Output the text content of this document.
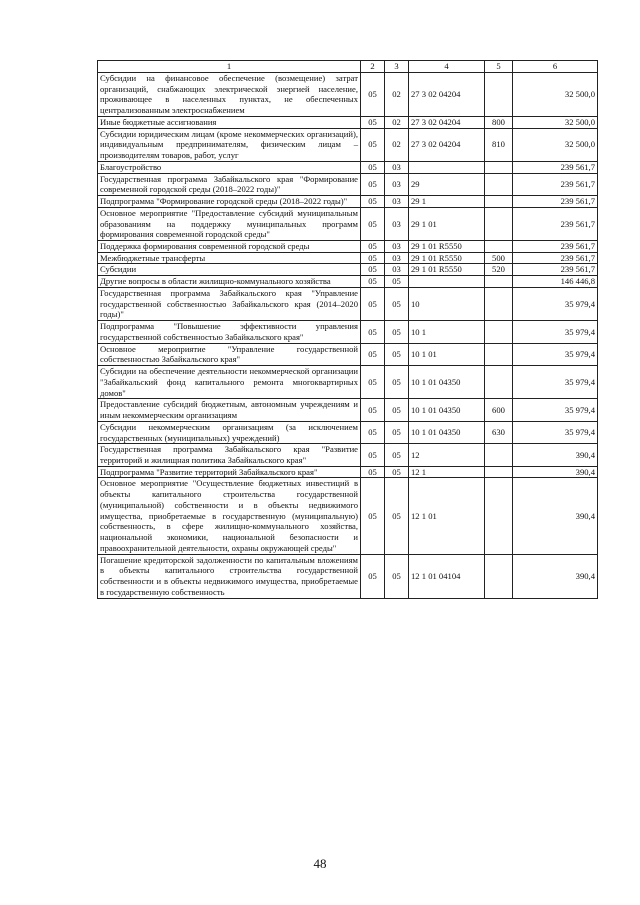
1	2	3	4	5	6
Субсидии на финансовое обеспечение (возмещение) затрат организаций, снабжающих электрической энергией население, проживающее в населенных пунктах, не обеспеченных централизованным электроснабжением	05	02	27 3 02 04204		32 500,0
Иные бюджетные ассигнования	05	02	27 3 02 04204	800	32 500,0
Субсидии юридическим лицам (кроме некоммерческих организаций), индивидуальным предпринимателям, физическим лицам – производителям товаров, работ, услуг	05	02	27 3 02 04204	810	32 500,0
Благоустройство	05	03			239 561,7
Государственная программа Забайкальского края "Формирование современной городской среды (2018–2022 годы)"	05	03	29		239 561,7
Подпрограмма "Формирование городской среды (2018–2022 годы)"	05	03	29 1		239 561,7
Основное мероприятие "Предоставление субсидий муниципальным образованиям на поддержку муниципальных программ формирования современной городской среды"	05	03	29 1 01		239 561,7
Поддержка формирования современной городской среды	05	03	29 1 01 R5550		239 561,7
Межбюджетные трансферты	05	03	29 1 01 R5550	500	239 561,7
Субсидии	05	03	29 1 01 R5550	520	239 561,7
Другие вопросы в области жилищно-коммунального хозяйства	05	05			146 446,8
Государственная программа Забайкальского края "Управление государственной собственностью Забайкальского края (2014–2020 годы)"	05	05	10		35 979,4
Подпрограмма "Повышение эффективности управления государственной собственностью Забайкальского края"	05	05	10 1		35 979,4
Основное мероприятие "Управление государственной собственностью Забайкальского края"	05	05	10 1 01		35 979,4
Субсидии на обеспечение деятельности некоммерческой организации "Забайкальский фонд капитального ремонта многоквартирных домов"	05	05	10 1 01 04350		35 979,4
Предоставление субсидий бюджетным, автономным учреждениям и иным некоммерческим организациям	05	05	10 1 01 04350	600	35 979,4
Субсидии некоммерческим организациям (за исключением государственных (муниципальных) учреждений)	05	05	10 1 01 04350	630	35 979,4
Государственная программа Забайкальского края "Развитие территорий и жилищная политика Забайкальского края"	05	05	12		390,4
Подпрограмма "Развитие территорий Забайкальского края"	05	05	12 1		390,4
Основное мероприятие "Осуществление бюджетных инвестиций в объекты капитального строительства государственной (муниципальной) собственности и в объекты недвижимого имущества, приобретаемые в государственную (муниципальную) собственность, в сфере жилищно-коммунального хозяйства, национальной экономики, национальной безопасности и правоохранительной деятельности, охраны окружающей среды"	05	05	12 1 01		390,4
Погашение кредиторской задолженности по капитальным вложениям в объекты капитального строительства государственной собственности и в объекты недвижимого имущества, приобретаемые в государственную собственность	05	05	12 1 01 04104		390,4
48
